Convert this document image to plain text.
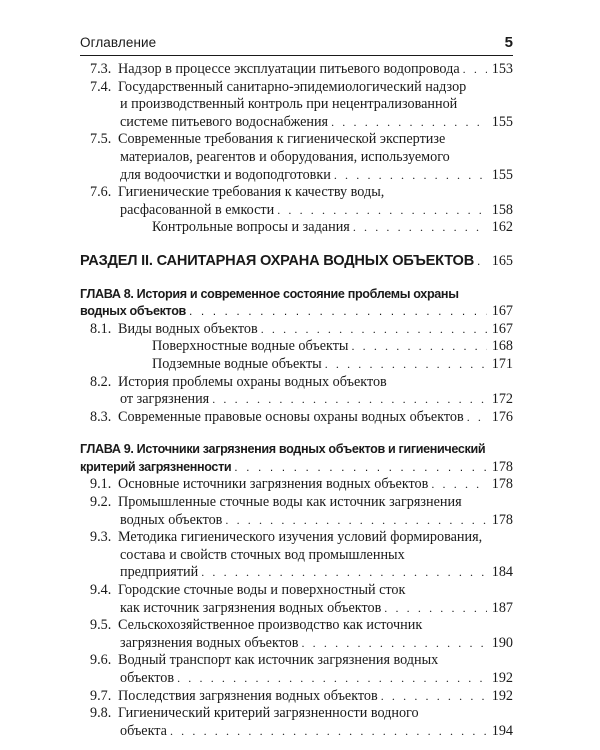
Оглавление	5
7.3. Надзор в процессе эксплуатации питьевого водопровода . . . 153
7.4. Государственный санитарно-эпидемиологический надзор
и производственный контроль при нецентрализованной
системе питьевого водоснабжения . . .	155
7.5. Современные требования к гигиенической экспертизе
материалов, реагентов и оборудования, используемого
для водоочистки и водоподготовки . . .	155
7.6. Гигиенические требования к качеству воды,
расфасованной в емкости . . .	158
Контрольные вопросы и задания . . .	162
РАЗДЕЛ II. САНИТАРНАЯ ОХРАНА ВОДНЫХ ОБЪЕКТОВ . . . 165
ГЛАВА 8. История и современное состояние проблемы охраны
водных объектов . . .	167
8.1. Виды водных объектов . . .	167
Поверхностные водные объекты . . .	168
Подземные водные объекты . . .	171
8.2. История проблемы охраны водных объектов
от загрязнения . . .	172
8.3. Современные правовые основы охраны водных объектов . . . 176
ГЛАВА 9. Источники загрязнения водных объектов и гигиенический
критерий загрязненности . . .	178
9.1. Основные источники загрязнения водных объектов . . .	178
9.2. Промышленные сточные воды как источник загрязнения
водных объектов . . .	178
9.3. Методика гигиенического изучения условий формирования,
состава и свойств сточных вод промышленных
предприятий . . .	184
9.4. Городские сточные воды и поверхностный сток
как источник загрязнения водных объектов . . .	187
9.5. Сельскохозяйственное производство как источник
загрязнения водных объектов . . .	190
9.6. Водный транспорт как источник загрязнения водных
объектов . . .	192
9.7. Последствия загрязнения водных объектов . . .	192
9.8. Гигиенический критерий загрязненности водного
объекта . . .	194
